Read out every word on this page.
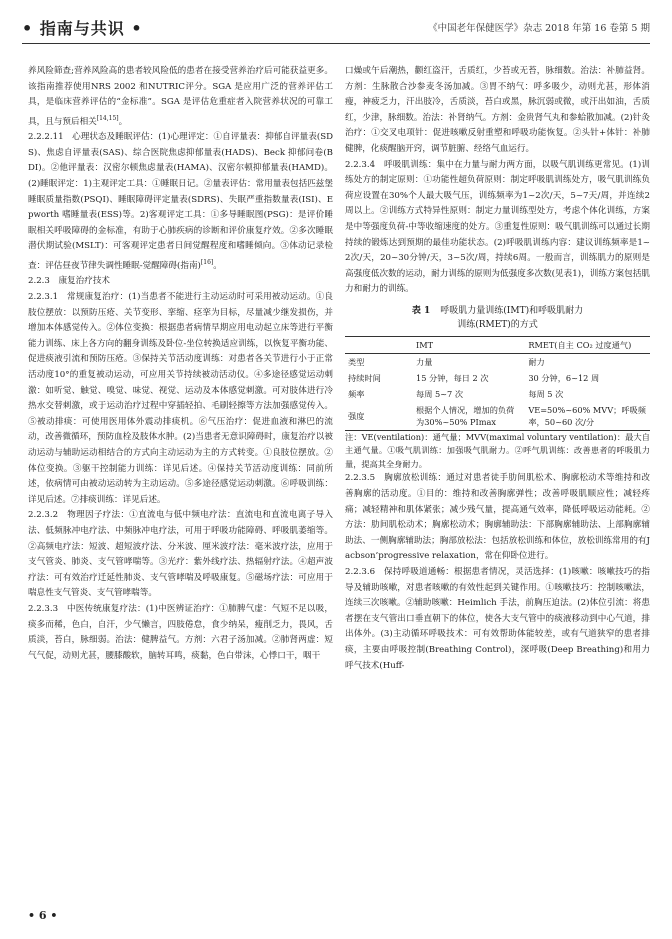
• 指南与共识 •	《中国老年保健医学》杂志 2018 年第 16 卷第 5 期

养风险筛查;营养风险高的患者较风险低的患者在接受营养治疗后可能获益更多。该指南推荐使用NRS 2002 和NUTRIC评分。SGA 是应用广泛的营养评估工具，是临床营养评估的“金标准”。SGA 是评估危重症者入院营养状况的可靠工具，且与预后相关[14,15]。

2.2.2.11　心理状态及睡眠评估：(1)心理评定：①自评量表：抑郁自评量表(SDS)、焦虑自评量表(SAS)、综合医院焦虑抑郁量表(HADS)、Beck 抑郁问卷(BDI)。②他评量表：汉密尔顿焦虑量表(HAMA)、汉密尔顿抑郁量表(HAMD)。(2)睡眠评定：1)主观评定工具：①睡眠日记。②量表评估：常用量表包括匹兹堡睡眠质量指数(PSQI)、睡眠障碍评定量表(SDRS)、失眠严重指数量表(ISI)、Epworth 嗜睡量表(ESS)等。2)客观评定工具：①多导睡眠图(PSG)：是评价睡眠相关呼吸障碍的金标准，有助于心肺疾病的诊断和评价康复疗效。②多次睡眠潜伏期试验(MSLT)：可客观评定患者日间觉醒程度和嗜睡倾向。③体动记录检查：评估昼夜节律失调性睡眠-觉醒障碍(指南)[16]。

2.2.3　康复治疗技术

2.2.3.1　常规康复治疗：(1)当患者不能进行主动运动时可采用被动运动。①良肢位摆放：以预防压疮、关节变形、挛缩、痉挛为目标，尽量减少继发损伤，并增加本体感觉传入。②体位变换：根据患者病情早期应用电动起立床等进行平衡能力训练、床上各方向的翻身训练及卧位-坐位转换适应训练，以恢复平衡功能、促进痰液引流和预防压疮。③保持关节活动度训练：对患者各关节进行小于正常活动度10°的重复被动运动，可应用关节持续被动活动仪。④多途径感觉运动刺激：如听觉、触觉、嗅觉、味觉、视觉、运动及本体感觉刺激。可对肢体进行冷热水交替刺激，或于运动治疗过程中穿插轻拍、毛刷轻擦等方法加强感觉传入。⑤被动排痰：可使用医用体外震动排痰机。⑥气压治疗：促进血液和淋巴的流动，改善微循环，预防血栓及肢体水肿。(2)当患者无意识障碍时，康复治疗以被动运动与辅助运动相结合的方式向主动运动为主的方式转变。①良肢位摆放。②体位变换。③躯干控制能力训练：详见后述。④保持关节活动度训练：同前所述，依病情可由被动运动转为主动运动。⑤多途径感觉运动刺激。⑥呼吸训练：详见后述。⑦排痰训练：详见后述。

2.2.3.2　物理因子疗法：①直流电与低中频电疗法：直流电和直流电离子导入法、低频脉冲电疗法、中频脉冲电疗法，可用于呼吸功能障碍、呼吸肌萎缩等。②高频电疗法：短波、超短波疗法、分米波、厘米波疗法：毫米波疗法，应用于支气管炎、肺炎、支气管哮喘等。③光疗：紫外线疗法、热辐射疗法。④超声波疗法：可有效治疗迁延性肺炎、支气管哮喘及呼吸康复。⑤磁场疗法：可应用于喘息性支气管炎、支气管哮喘等。

2.2.3.3　中医传统康复疗法：(1)中医辨证治疗：①肺脾气虚：气短不足以吸，痰多而稀，色白，自汗，少气懒言，四肢倦怠，食少纳呆，瘦削乏力，畏风，舌质淡，苔白，脉细弱。治法：健脾益气。方剂：六君子汤加减。②肺肾两虚：短气气促，动则尤甚，腰膝酸软，脑转耳鸣，痰黏，色白带沫，心悸口干，咽干

口燥或午后潮热，颧红盗汗，舌质红，少苔或无苔，脉细数。治法：补肺益肾。方剂：生脉散合沙参麦冬汤加减。③胃不纳气：呼多吸少，动则尤甚，形体消瘦，神疲乏力，汗出肢冷，舌质淡，苔白或黑，脉沉弱或微，或汗出如油，舌质红，少津，脉细数。治法：补肾纳气。方剂：金贵肾气丸和参蛤散加减。(2)针灸治疗：①交叉电项针：促进咳嗽反射重塑和呼吸功能恢复。②头针+体针：补肺健脾，化痰醒脑开窍，调节脏腑、经络气血运行。

2.2.3.4　呼吸肌训练：集中在力量与耐力两方面，以吸气肌训练更常见。(1)训练处方的制定原则：①功能性超负荷原则：制定呼吸肌训练处方，吸气肌训练负荷应设置在30%个人最大吸气压，训练频率为1~2次/天，5~7天/周，并连续2周以上。②训练方式特异性原则：制定力量训练型处方，考虑个体化训练，方案是中等强度负荷-中等收缩速度的处方。③重复性原则：吸气肌训练可以通过长期持续的锻炼达到预期的最佳功能状态。(2)呼吸肌训练内容：建议训练频率是1~2次/天，20~30分钟/天，3~5次/周，持续6周。一般而言，训练肌力的原则是高强度低次数的运动，耐力训练的原则为低强度多次数(见表1)，训练方案包括肌力和耐力的训练。

表 1 呼吸肌力量训练(IMT)和呼吸肌耐力
训练(RMET)的方式
	IMT	RMET(自主 CO₂ 过度通气)
类型	力量	耐力
持续时间	15 分钟，每日 2 次	30 分钟，6~12 周
频率	每周 5~7 次	每周 5 次
强度	根据个人情况，增加的负荷为30%~50% PImax	VE=50%~60% MVV；呼吸频率，50~60 次/分

注：VE(ventilation)：通气量；MVV(maximal voluntary ventilation)：最大自主通气量。①吸气肌训练：加强吸气肌耐力。②呼气肌训练：改善患者的呼吸肌力量，提高其全身耐力。

2.2.3.5　胸廓放松训练：通过对患者徒手肋间肌松术、胸廓松动术等维持和改善胸廓的活动度。①目的：维持和改善胸廓弹性；改善呼吸肌顺应性；减轻疼痛；减轻精神和肌体紧张；减少残气量，提高通气效率，降低呼吸运动能耗。②方法：肋间肌松动术；胸廓松动术；胸廓辅助法：下部胸廓辅助法、上部胸廓辅助法、一侧胸廓辅助法；胸部放松法：包括放松训练和体位，放松训练常用的有Jacbson’progressive relaxation，常在仰卧位进行。

2.2.3.6　保持呼吸道通畅：根据患者情况，灵活选择：(1)咳嗽：咳嗽技巧的指导及辅助咳嗽，对患者咳嗽的有效性起到关键作用。①咳嗽技巧：控制咳嗽法，连续三次咳嗽。②辅助咳嗽：Heimlich 手法，前胸压迫法。(2)体位引流：将患者摆在支气管出口垂直朝下的体位，使各大支气管中的痰液移动到中心气道，排出体外。(3)主动循环呼吸技术：可有效帮助体能较差，或有气道狭窄的患者排痰，主要由呼吸控制(Breathing Control)，深呼吸(Deep Breathing)和用力呼气技术(Huff-

• 6 •
